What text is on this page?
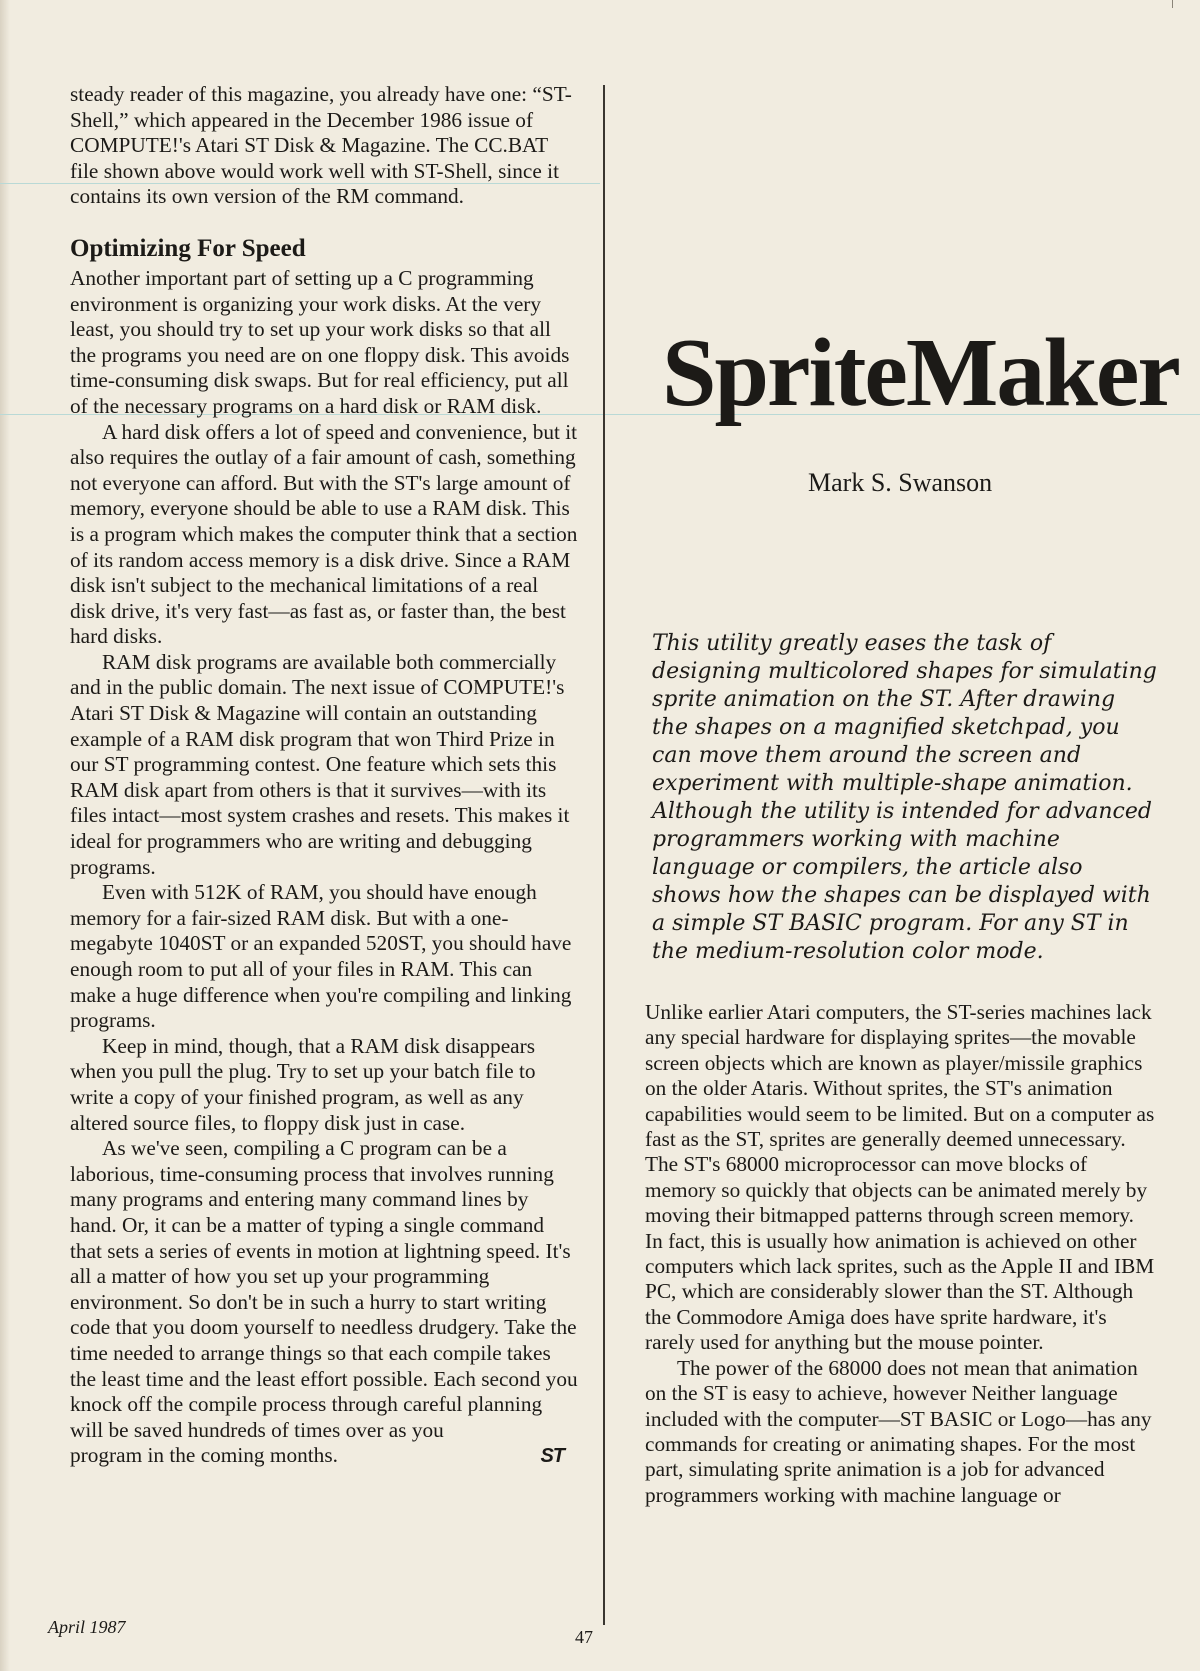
steady reader of this magazine, you already have one: “ST-Shell,” which appeared in the December 1986 issue of COMPUTE!'s Atari ST Disk & Magazine. The CC.BAT file shown above would work well with ST-Shell, since it contains its own version of the RM command.

Optimizing For Speed

Another important part of setting up a C programming environment is organizing your work disks. At the very least, you should try to set up your work disks so that all the programs you need are on one floppy disk. This avoids time-consuming disk swaps. But for real efficiency, put all of the necessary programs on a hard disk or RAM disk.

A hard disk offers a lot of speed and convenience, but it also requires the outlay of a fair amount of cash, something not everyone can afford. But with the ST's large amount of memory, everyone should be able to use a RAM disk. This is a program which makes the computer think that a section of its random access memory is a disk drive. Since a RAM disk isn't subject to the mechanical limitations of a real disk drive, it's very fast—as fast as, or faster than, the best hard disks.

RAM disk programs are available both commercially and in the public domain. The next issue of COMPUTE!'s Atari ST Disk & Magazine will contain an outstanding example of a RAM disk program that won Third Prize in our ST programming contest. One feature which sets this RAM disk apart from others is that it survives—with its files intact—most system crashes and resets. This makes it ideal for programmers who are writing and debugging programs.

Even with 512K of RAM, you should have enough memory for a fair-sized RAM disk. But with a one-megabyte 1040ST or an expanded 520ST, you should have enough room to put all of your files in RAM. This can make a huge difference when you're compiling and linking programs.

Keep in mind, though, that a RAM disk disappears when you pull the plug. Try to set up your batch file to write a copy of your finished program, as well as any altered source files, to floppy disk just in case.

As we've seen, compiling a C program can be a laborious, time-consuming process that involves running many programs and entering many command lines by hand. Or, it can be a matter of typing a single command that sets a series of events in motion at lightning speed. It's all a matter of how you set up your programming environment. So don't be in such a hurry to start writing code that you doom yourself to needless drudgery. Take the time needed to arrange things so that each compile takes the least time and the least effort possible. Each second you knock off the compile process through careful planning will be saved hundreds of times over as you

program in the coming months.	ST
April 1987	47
SpriteMaker
Mark S. Swanson

This utility greatly eases the task of designing multicolored shapes for simulating sprite animation on the ST. After drawing the shapes on a magnified sketchpad, you can move them around the screen and experiment with multiple-shape animation. Although the utility is intended for advanced programmers working with machine language or compilers, the article also shows how the shapes can be displayed with a simple ST BASIC program. For any ST in the medium-resolution color mode.

Unlike earlier Atari computers, the ST-series machines lack any special hardware for displaying sprites—the movable screen objects which are known as player/missile graphics on the older Ataris. Without sprites, the ST's animation capabilities would seem to be limited. But on a computer as fast as the ST, sprites are generally deemed unnecessary. The ST's 68000 microprocessor can move blocks of memory so quickly that objects can be animated merely by moving their bitmapped patterns through screen memory. In fact, this is usually how animation is achieved on other computers which lack sprites, such as the Apple II and IBM PC, which are considerably slower than the ST. Although the Commodore Amiga does have sprite hardware, it's rarely used for anything but the mouse pointer.

The power of the 68000 does not mean that animation on the ST is easy to achieve, however Neither language included with the computer—ST BASIC or Logo—has any commands for creating or animating shapes. For the most part, simulating sprite animation is a job for advanced programmers working with machine language or
